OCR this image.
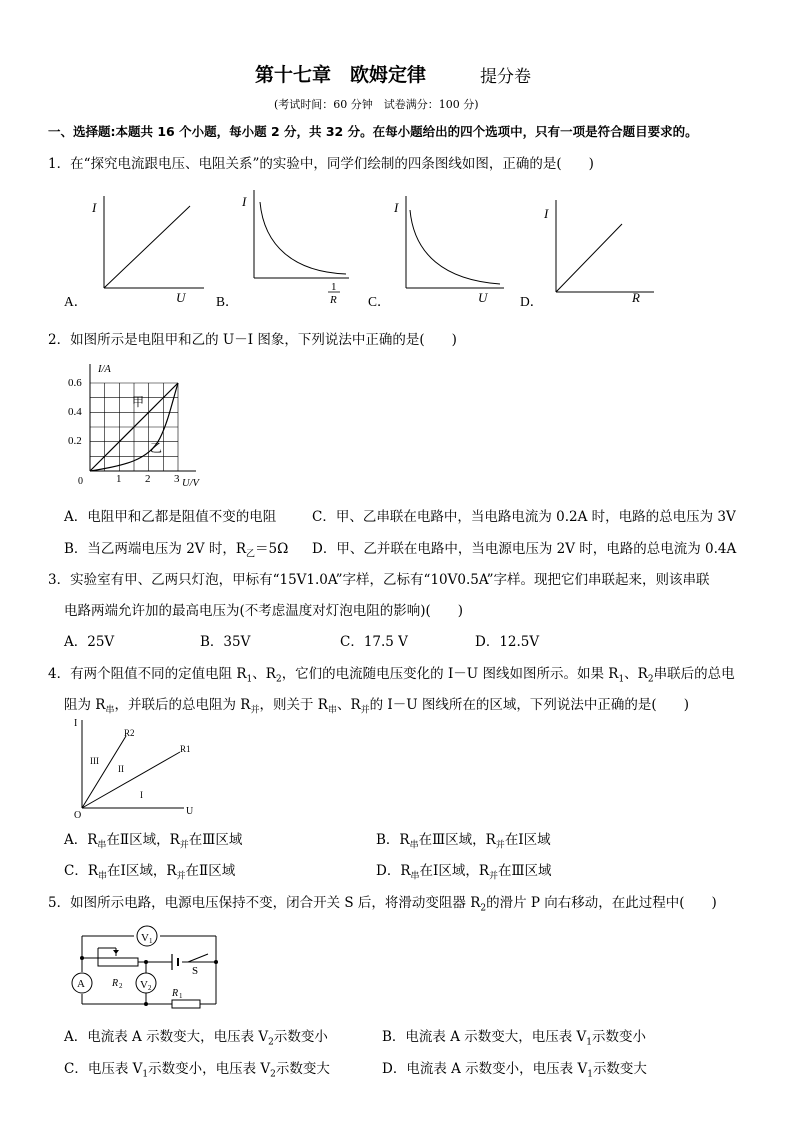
第十七章　欧姆定律	提分卷
(考试时间：60 分钟　试卷满分：100 分)
一、选择题:本题共 16 个小题，每小题 2 分，共 32 分。在每小题给出的四个选项中，只有一项是符合题目要求的。
1．在“探究电流跟电压、电阻关系”的实验中，同学们绘制的四条图线如图，正确的是(　　)
I
U
A．
I
1
R
B．
I
U
C．
I
R
D．
2．如图所示是电阻甲和乙的 U－I 图象，下列说法中正确的是(　　)
I/A
U/V
0.6
0.4
0.2
1 2 3
0
甲
乙
A．电阻甲和乙都是阻值不变的电阻	C．甲、乙串联在电路中，当电路电流为 0.2A 时，电路的总电压为 3V
B．当乙两端电压为 2V 时，$R_乙=5\Omega$ D．甲、乙并联在电路中，当电源电压为 2V 时，电路的总电流为 0.4A
3．实验室有甲、乙两只灯泡，甲标有“15V1.0A”字样，乙标有“10V0.5A”字样。现把它们串联起来，则该串联
电路两端允许加的最高电压为(不考虑温度对灯泡电阻的影响)(　　)
A．25V	B．35V	C．17.5 V	D．12.5V
4．有两个阻值不同的定值电阻 $R_1$、$R_2$，它们的电流随电压变化的 I－U 图线如图所示。如果 $R_1$、$R_2$串联后的总电
阻为 $R_串$，并联后的总电阻为 $R_并$，则关于 $R_串$、$R_并$的 I－U 图线所在的区域，下列说法中正确的是(　　)
I
U
O
R2
R1
III
II
I
A．$R_串$在Ⅱ区域，$R_并$在Ⅲ区域	B．$R_串$在Ⅲ区域，$R_并$在Ⅰ区域
C．$R_串$在Ⅰ区域，$R_并$在Ⅱ区域	D．$R_串$在Ⅰ区域，$R_并$在Ⅲ区域
5．如图所示电路，电源电压保持不变，闭合开关 S 后，将滑动变阻器 $R_2$的滑片 P 向右移动，在此过程中(　　)
V 1
V 2
A
S
R 2
R 1
A．电流表 A 示数变大，电压表 $V_2$示数变小	B．电流表 A 示数变大，电压表 $V_1$示数变小
C．电压表 $V_1$示数变小，电压表 $V_2$示数变大	D．电流表 A 示数变小，电压表 $V_1$示数变大
